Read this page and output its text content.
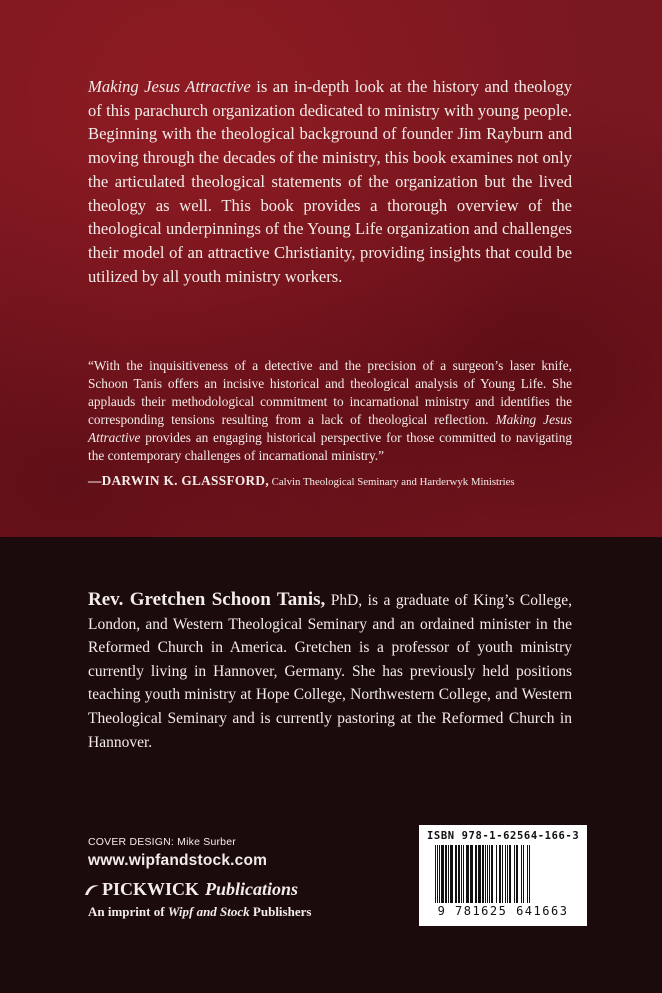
Making Jesus Attractive is an in-depth look at the history and theology of this parachurch organization dedicated to ministry with young people. Beginning with the theological background of founder Jim Rayburn and moving through the decades of the ministry, this book examines not only the articulated theological statements of the organization but the lived theology as well. This book provides a thorough overview of the theological underpinnings of the Young Life organization and challenges their model of an attractive Christianity, providing insights that could be utilized by all youth ministry workers.

“With the inquisitiveness of a detective and the precision of a surgeon’s laser knife, Schoon Tanis offers an incisive historical and theological analysis of Young Life. She applauds their methodological commitment to incarnational ministry and identifies the corresponding tensions resulting from a lack of theological reflection. Making Jesus Attractive provides an engaging historical perspective for those committed to navigating the contemporary challenges of incarnational ministry.”

—DARWIN K. GLASSFORD, Calvin Theological Seminary and Harderwyk Ministries

Rev. Gretchen Schoon Tanis, PhD, is a graduate of King’s College, London, and Western Theological Seminary and an ordained minister in the Reformed Church in America. Gretchen is a professor of youth ministry currently living in Hannover, Germany. She has previously held positions teaching youth ministry at Hope College, Northwestern College, and Western Theological Seminary and is currently pastoring at the Reformed Church in Hannover.

COVER DESIGN: Mike Surber
www.wipfandstock.com
PICKWICK Publications
An imprint of Wipf and Stock Publishers
ISBN 978-1-62564-166-3
9 781625 641663
